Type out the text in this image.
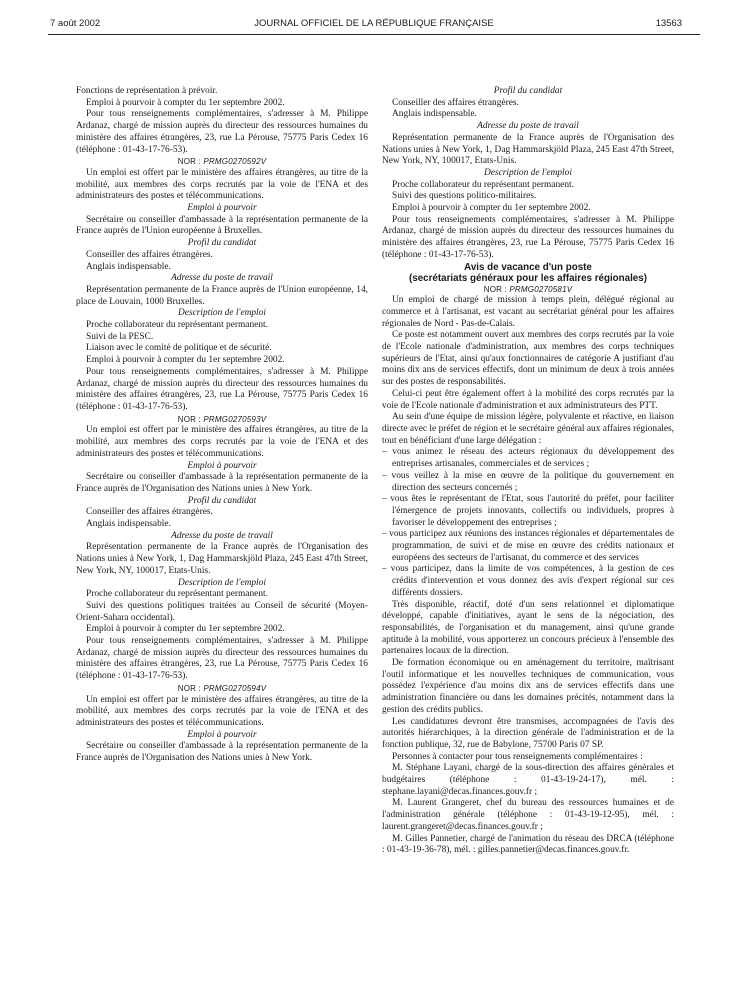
7 août 2002	JOURNAL OFFICIEL DE LA RÉPUBLIQUE FRANÇAISE	13563

Fonctions de représentation à prévoir.

Emploi à pourvoir à compter du 1er septembre 2002.

Pour tous renseignements complémentaires, s'adresser à M. Philippe Ardanaz, chargé de mission auprès du directeur des ressources humaines du ministère des affaires étrangères, 23, rue La Pérouse, 75775 Paris Cedex 16 (téléphone : 01-43-17-76-53).

NOR : PRMG0270592V

Un emploi est offert par le ministère des affaires étrangères, au titre de la mobilité, aux membres des corps recrutés par la voie de l'ENA et des administrateurs des postes et télécommunications.

Emploi à pourvoir

Secrétaire ou conseiller d'ambassade à la représentation permanente de la France auprès de l'Union européenne à Bruxelles.

Profil du candidat

Conseiller des affaires étrangères.

Anglais indispensable.

Adresse du poste de travail

Représentation permanente de la France auprès de l'Union européenne, 14, place de Louvain, 1000 Bruxelles.

Description de l'emploi

Proche collaborateur du représentant permanent.

Suivi de la PESC.

Liaison avec le comité de politique et de sécurité.

Emploi à pourvoir à compter du 1er septembre 2002.

Pour tous renseignements complémentaires, s'adresser à M. Philippe Ardanaz, chargé de mission auprès du directeur des ressources humaines du ministère des affaires étrangères, 23, rue La Pérouse, 75775 Paris Cedex 16 (téléphone : 01-43-17-76-53).

NOR : PRMG0270593V

Un emploi est offert par le ministère des affaires étrangères, au titre de la mobilité, aux membres des corps recrutés par la voie de l'ENA et des administrateurs des postes et télécommunications.

Emploi à pourvoir

Secrétaire ou conseiller d'ambassade à la représentation permanente de la France auprès de l'Organisation des Nations unies à New York.

Profil du candidat

Conseiller des affaires étrangères.

Anglais indispensable.

Adresse du poste de travail

Représentation permanente de la France auprès de l'Organisation des Nations unies à New York, 1, Dag Hammarskjöld Plaza, 245 East 47th Street, New York, NY, 100017, Etats-Unis.

Description de l'emploi

Proche collaborateur du représentant permanent.

Suivi des questions politiques traitées au Conseil de sécurité (Moyen-Orient-Sahara occidental).

Emploi à pourvoir à compter du 1er septembre 2002.

Pour tous renseignements complémentaires, s'adresser à M. Philippe Ardanaz, chargé de mission auprès du directeur des ressources humaines du ministère des affaires étrangères, 23, rue La Pérouse, 75775 Paris Cedex 16 (téléphone : 01-43-17-76-53).

NOR : PRMG0270594V

Un emploi est offert par le ministère des affaires étrangères, au titre de la mobilité, aux membres des corps recrutés par la voie de l'ENA et des administrateurs des postes et télécommunications.

Emploi à pourvoir

Secrétaire ou conseiller d'ambassade à la représentation permanente de la France auprès de l'Organisation des Nations unies à New York.

Profil du candidat

Conseiller des affaires étrangères.

Anglais indispensable.

Adresse du poste de travail

Représentation permanente de la France auprès de l'Organisation des Nations unies à New York, 1, Dag Hammarskjöld Plaza, 245 East 47th Street, New York, NY, 100017, Etats-Unis.

Description de l'emploi

Proche collaborateur du représentant permanent.

Suivi des questions politico-militaires.

Emploi à pourvoir à compter du 1er septembre 2002.

Pour tous renseignements complémentaires, s'adresser à M. Philippe Ardanaz, chargé de mission auprès du directeur des ressources humaines du ministère des affaires étrangères, 23, rue La Pérouse, 75775 Paris Cedex 16 (téléphone : 01-43-17-76-53).

Avis de vacance d'un poste

(secrétariats généraux pour les affaires régionales)

NOR : PRMG0270581V

Un emploi de chargé de mission à temps plein, délégué régional au commerce et à l'artisanat, est vacant au secrétariat général pour les affaires régionales de Nord - Pas-de-Calais.

Ce poste est notamment ouvert aux membres des corps recrutés par la voie de l'Ecole nationale d'administration, aux membres des corps techniques supérieurs de l'Etat, ainsi qu'aux fonctionnaires de catégorie A justifiant d'au moins dix ans de services effectifs, dont un minimum de deux à trois années sur des postes de responsabilités.

Celui-ci peut être également offert à la mobilité des corps recrutés par la voie de l'Ecole nationale d'administration et aux administrateurs des PTT.

Au sein d'une équipe de mission légère, polyvalente et réactive, en liaison directe avec le préfet de région et le secrétaire général aux affaires régionales, tout en bénéficiant d'une large délégation :

– vous animez le réseau des acteurs régionaux du développement des entreprises artisanales, commerciales et de services ;
– vous veillez à la mise en œuvre de la politique du gouvernement en direction des secteurs concernés ;
– vous êtes le représentant de l'Etat, sous l'autorité du préfet, pour faciliter l'émergence de projets innovants, collectifs ou individuels, propres à favoriser le développement des entreprises ;
– vous participez aux réunions des instances régionales et départementales de programmation, de suivi et de mise en œuvre des crédits nationaux et européens des secteurs de l'artisanat, du commerce et des services
– vous participez, dans la limite de vos compétences, à la gestion de ces crédits d'intervention et vous donnez des avis d'expert régional sur ces différents dossiers.

Très disponible, réactif, doté d'un sens relationnel et diplomatique développé, capable d'initiatives, ayant le sens de la négociation, des responsabilités, de l'organisation et du management, ainsi qu'une grande aptitude à la mobilité, vous apporterez un concours précieux à l'ensemble des partenaires locaux de la direction.

De formation économique ou en aménagement du territoire, maîtrisant l'outil informatique et les nouvelles techniques de communication, vous possédez l'expérience d'au moins dix ans de services effectifs dans une administration financière ou dans les domaines précités, notamment dans la gestion des crédits publics.

Les candidatures devront être transmises, accompagnées de l'avis des autorités hiérarchiques, à la direction générale de l'administration et de la fonction publique, 32, rue de Babylone, 75700 Paris 07 SP.

Personnes à contacter pour tous renseignements complémentaires :

M. Stéphane Layani, chargé de la sous-direction des affaires générales et budgétaires (téléphone : 01-43-19-24-17), mél. : stephane.layani@decas.finances.gouv.fr ;

M. Laurent Grangeret, chef du bureau des ressources humaines et de l'administration générale (téléphone : 01-43-19-12-95), mél. : laurent.grangeret@decas.finances.gouv.fr ;

M. Gilles Pannetier, chargé de l'animation du réseau des DRCA (téléphone : 01-43-19-36-78), mél. : gilles.pannetier@decas.finances.gouv.fr.
